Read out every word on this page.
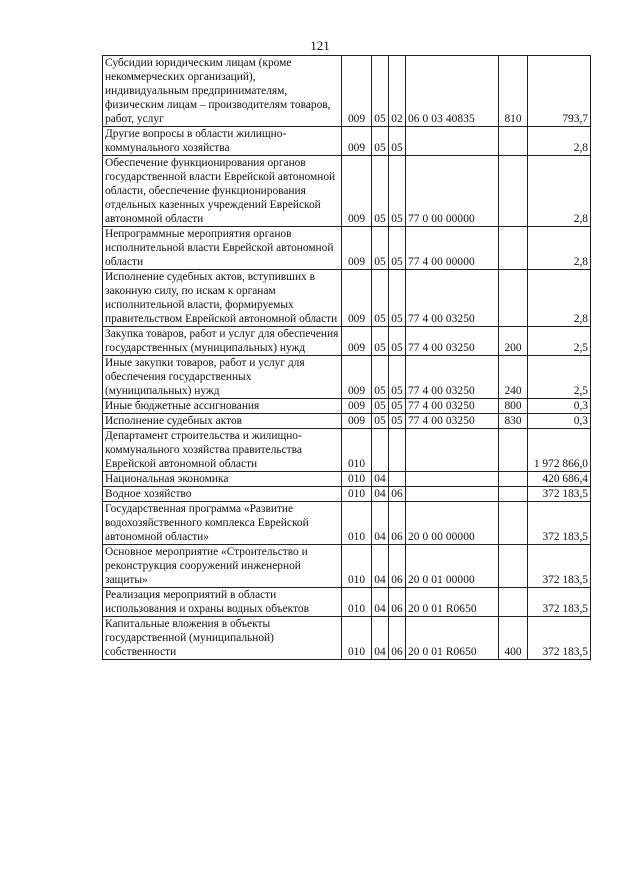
121
Субсидии юридическим лицам (кроме некоммерческих организаций), индивидуальным предпринимателям, физическим лицам – производителям товаров, работ, услуг	009	05	02	06 0 03 40835	810	793,7
Другие вопросы в области жилищно-коммунального хозяйства	009	05	05			2,8
Обеспечение функционирования органов государственной власти Еврейской автономной области, обеспечение функционирования отдельных казенных учреждений Еврейской автономной области	009	05	05	77 0 00 00000		2,8
Непрограммные мероприятия органов исполнительной власти Еврейской автономной области	009	05	05	77 4 00 00000		2,8
Исполнение судебных актов, вступивших в законную силу, по искам к органам исполнительной власти, формируемых правительством Еврейской автономной области	009	05	05	77 4 00 03250		2,8
Закупка товаров, работ и услуг для обеспечения государственных (муниципальных) нужд	009	05	05	77 4 00 03250	200	2,5
Иные закупки товаров, работ и услуг для обеспечения государственных (муниципальных) нужд	009	05	05	77 4 00 03250	240	2,5
Иные бюджетные ассигнования	009	05	05	77 4 00 03250	800	0,3
Исполнение судебных актов	009	05	05	77 4 00 03250	830	0,3
Департамент строительства и жилищно-коммунального хозяйства правительства Еврейской автономной области	010					1 972 866,0
Национальная экономика	010	04				420 686,4
Водное хозяйство	010	04	06			372 183,5
Государственная программа «Развитие водохозяйственного комплекса Еврейской автономной области»	010	04	06	20 0 00 00000		372 183,5
Основное мероприятие «Строительство и реконструкция сооружений инженерной защиты»	010	04	06	20 0 01 00000		372 183,5
Реализация мероприятий в области использования и охраны водных объектов	010	04	06	20 0 01 R0650		372 183,5
Капитальные вложения в объекты государственной (муниципальной) собственности	010	04	06	20 0 01 R0650	400	372 183,5
